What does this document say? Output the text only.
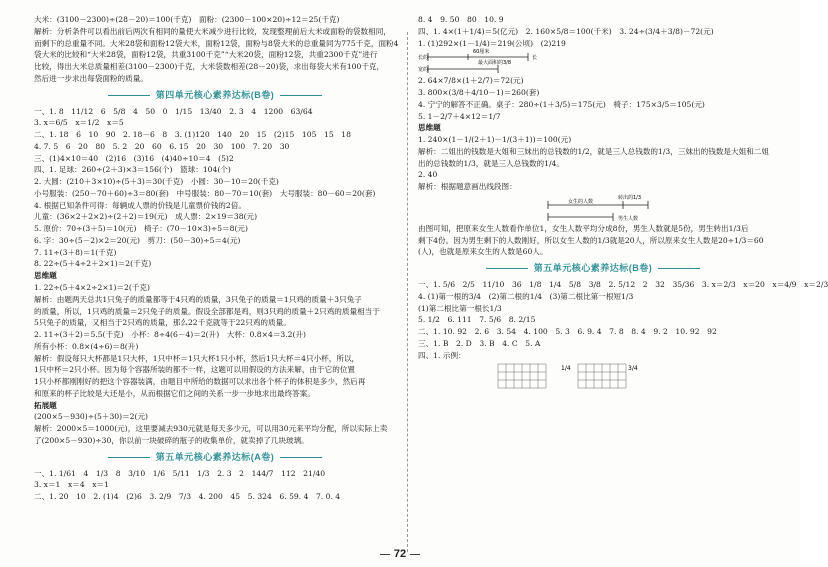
大米：(3100－2300)÷(28－20)＝100(千克)　面粉：(2300－100×20)÷12＝25(千克)
解析：分析条件可以看出前后两次有相同的量使大米减少进行比较，发现整理前后大米或面粉的袋数相同，
而剩下的总重量不同。大米28袋和面粉12袋大米，面粉12袋，面粉与8袋大米的总重量同为775千克，面粉4
袋大米的比较和“大米28袋，面粉12袋，共重3100千克”“大米20袋，面粉12袋，共重2300千克”进行
比较，得出大米总质量相差(3100－2300)千克，大米袋数相差(28－20)袋，求出每袋大米有100千克，
然后进一步求出每袋面粉的质量。
第四单元核心素养达标(B卷)
一、1. 8　11/12　6　5/8　4　50　0　1/15　13/40　2. 3　4　1200　63/64
3. x＝6/5　x＝1/2　x＝5
二、1. 18　6　10　90　2. 18－6　8　3. (1)120　140　20　15　(2)15　105　15　18
4. 7. 5　6　20　80　5. 2　20　60　6. 15　20　30　100　7. 20　30
三、(1)4×10＝40　(2)16　(3)16　(4)40÷10＝4　(5)2
四、1. 足球：260÷(2＋3)×3＝156(个)　篮球：104(个)
2. 大圆：(210＋3×10)÷(5＋3)＝30(千克)　小圆：30－10＝20(千克)
小号服装：(250－70＋60)÷3＝80(套)　中号服装：80－70＝10(套)　大号服装：80－60＝20(套)
4. 根据已知条件可得：每辆成人票的价钱是儿童票价钱的2倍。
儿童：(36×2＋2×2)÷(2＋2)＝19(元)　成人票：2×19＝38(元)
5. 原价：70÷(3＋5)＝10(元)　椅子：(70－10×3)÷5＝8(元)
6. 字：30÷(5－2)×2＝20(元)　剪刀：(50－30)÷5＝4(元)
7. 11÷(3＋8)＝1(千克)
8. 22÷(5＋4÷2＋2×1)＝2(千克)
思维题
1. 22÷(5＋4×2÷2×1)＝2(千克)
解析：由题两天总共1只兔子的质量都等于4只鸡的质量，3只兔子的质量＝1只鸡的质量＋3只兔子
的质量，所以，1只鸡的质量＝2只兔子的质量。假设全部都是鸡，则3只鸡的质量＋2只鸡的质量相当于
5只兔子的质量，又相当于2只鸡的质量，那么22千克就等于22只鸡的质量。
2. 11÷(3＋2)＝5.5(千克)　小杯：8÷4(6－4)＝2(升)　大杯：0.8×4＝3.2(升)
所有小杯：0.8×(4÷6)＝8(升)
解析：假设每只大杯都是1只大杯，1只中杯＝1只大杯1只小杯，然后1只大杯＝4只小杯，所以，
1只中杯＝2只小杯。因为每个容器所装的都不一样，这题可以用假设的方法来解，由于它的位置
1只小杯都刚刚好的把这个容器装满，由题目中所给的数据可以求出各个杯子的体积是多少，然后再
和原来的杯子比较是大还是小，从而根据它们之间的关系一步一步地求出最终答案。
拓展题
(200×5－930)÷(5＋30)＝2(元)
解析：2000×5＝1000(元)，这里要减去930元就是每天多少元，可以用30元来平均分配，所以实际上卖
了(200×5－930)÷30，你以前一块破碎的瓶子的收集单价，就卖掉了几块玻璃。
第五单元核心素养达标(A卷)
一、1. 1/61　4　1/3　8　3/10　1/6　5/11　1/3　2. 3　2　144/7　112　21/40
3. x＝1　x＝4　x＝1
二、1. 20　10　2. (1)4　(2)6　3. 2/9　7/3　4. 200　45　5. 324　6. 59. 4　7. 0. 4
8. 4　9. 50　80　10. 9
四、1. 4×(1＋1/4)＝5(亿元)　2. 160×5/8＝100(千米)　3. 24÷(3/4＋3/8)－72(元)
1. (1)292×(1－1/4)＝219(公顷)　(2)219
60厘米
最大面积的3/8
长的
宽的
长
2. 64×7/8×(1＋2/7)＝72(元)
3. 800×(3/8＋4/10－1)＝260(套)
4. 宁宁的解答不正确。桌子：280÷(1＋3/5)＝175(元)　椅子：175×3/5＝105(元)
5. 1－2/7＋4×12＝1/7
思维题
1. 240×(1－1/(2＋1)－1/(3＋1))＝100(元)
解析：二姐出的钱数是大姐和三妹出的总钱数的1/2，就是三人总钱数的1/3，三妹出的钱数是大姐和二姐
出的总钱数的1/3，就是三人总钱数的1/4。
2. 40
解析：根据题意画出线段图：
转出的1/3
女生的人数
男生人数
由图可知，把原来女生人数看作单位1，女生人数平均分成8份，男生人数就是5份，男生转出1/3后
剩下4份。因为男生剩下的人数刚好，所以女生人数的1/3就是20人，所以原来女生人数是20÷1/3＝60
(人)，也就是原来女生的人数是60人。
第五单元核心素养达标(B卷)
一、1. 5/6　2/5　11/10　36　1/8　1/4　5/8　3/8　2. 5/12　2　32　35/36　3. x＝2/3　x＝20　x＝4/9　x＝2/3
4. (1)第一根的3/4　(2)第二根的1/4　(3)第二根比第一根短1/3
(1)第二根比第一根长1/3
5. 1/2　6. 111　7. 5/6　8. 2/15
二、1. 10. 92　2. 6　3. 54　4. 100　5. 3　6. 9. 4　7. 8　8. 4　9. 2　10. 92　92
三、1. B　2. D　3. B　4. C　5. A
四、1. 示例：
1/4	3/4
72
